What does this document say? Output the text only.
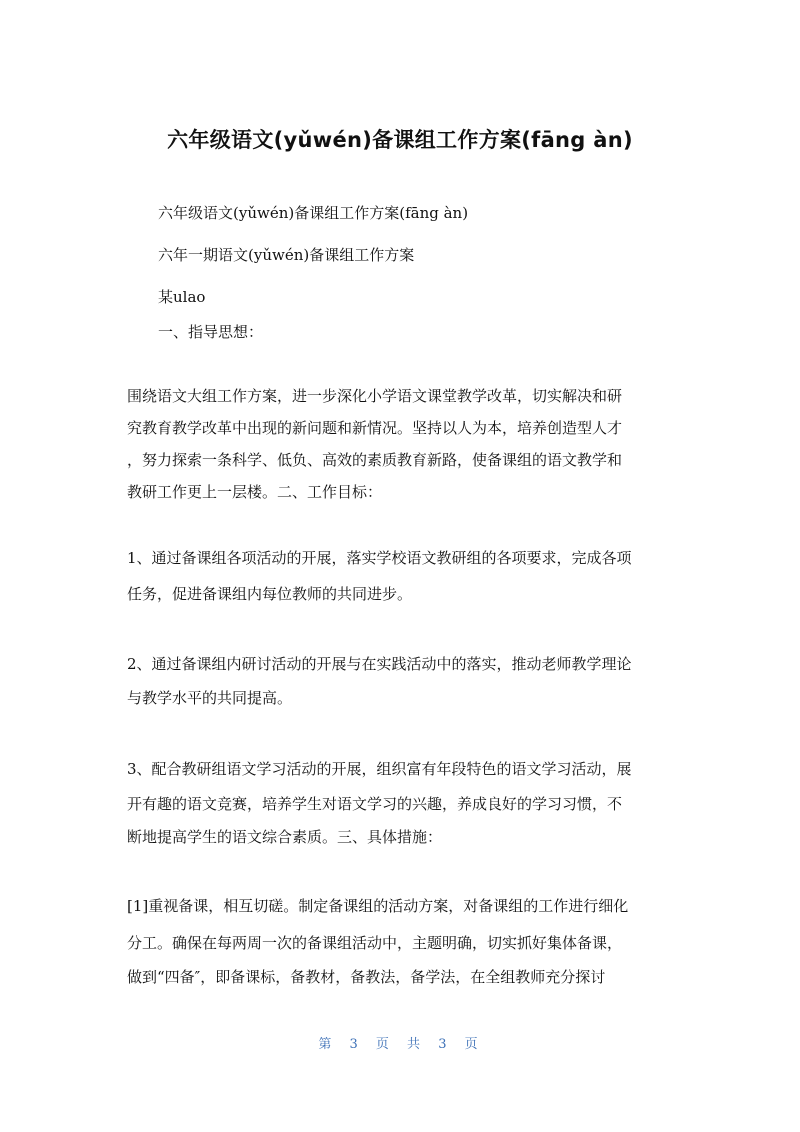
六年级语文(yǔwén)备课组工作方案(fāng àn)

六年级语文(yǔwén)备课组工作方案(fāng àn)

六年一期语文(yǔwén)备课组工作方案

某ulao

一、指导思想：

围绕语文大组工作方案，进一步深化小学语文课堂教学改革，切实解决和研

究教育教学改革中出现的新问题和新情况。坚持以人为本，培养创造型人才

，努力探索一条科学、低负、高效的素质教育新路，使备课组的语文教学和

教研工作更上一层楼。二、工作目标：

1、通过备课组各项活动的开展，落实学校语文教研组的各项要求，完成各项

任务，促进备课组内每位教师的共同进步。

2、通过备课组内研讨活动的开展与在实践活动中的落实，推动老师教学理论

与教学水平的共同提高。

3、配合教研组语文学习活动的开展，组织富有年段特色的语文学习活动，展

开有趣的语文竞赛，培养学生对语文学习的兴趣，养成良好的学习习惯，不

断地提高学生的语文综合素质。三、具体措施：

[1]重视备课，相互切磋。制定备课组的活动方案，对备课组的工作进行细化

分工。确保在每两周一次的备课组活动中，主题明确，切实抓好集体备课，

做到“四备″，即备课标，备教材，备教法，备学法，在全组教师充分探讨

第 3 页 共 3 页
